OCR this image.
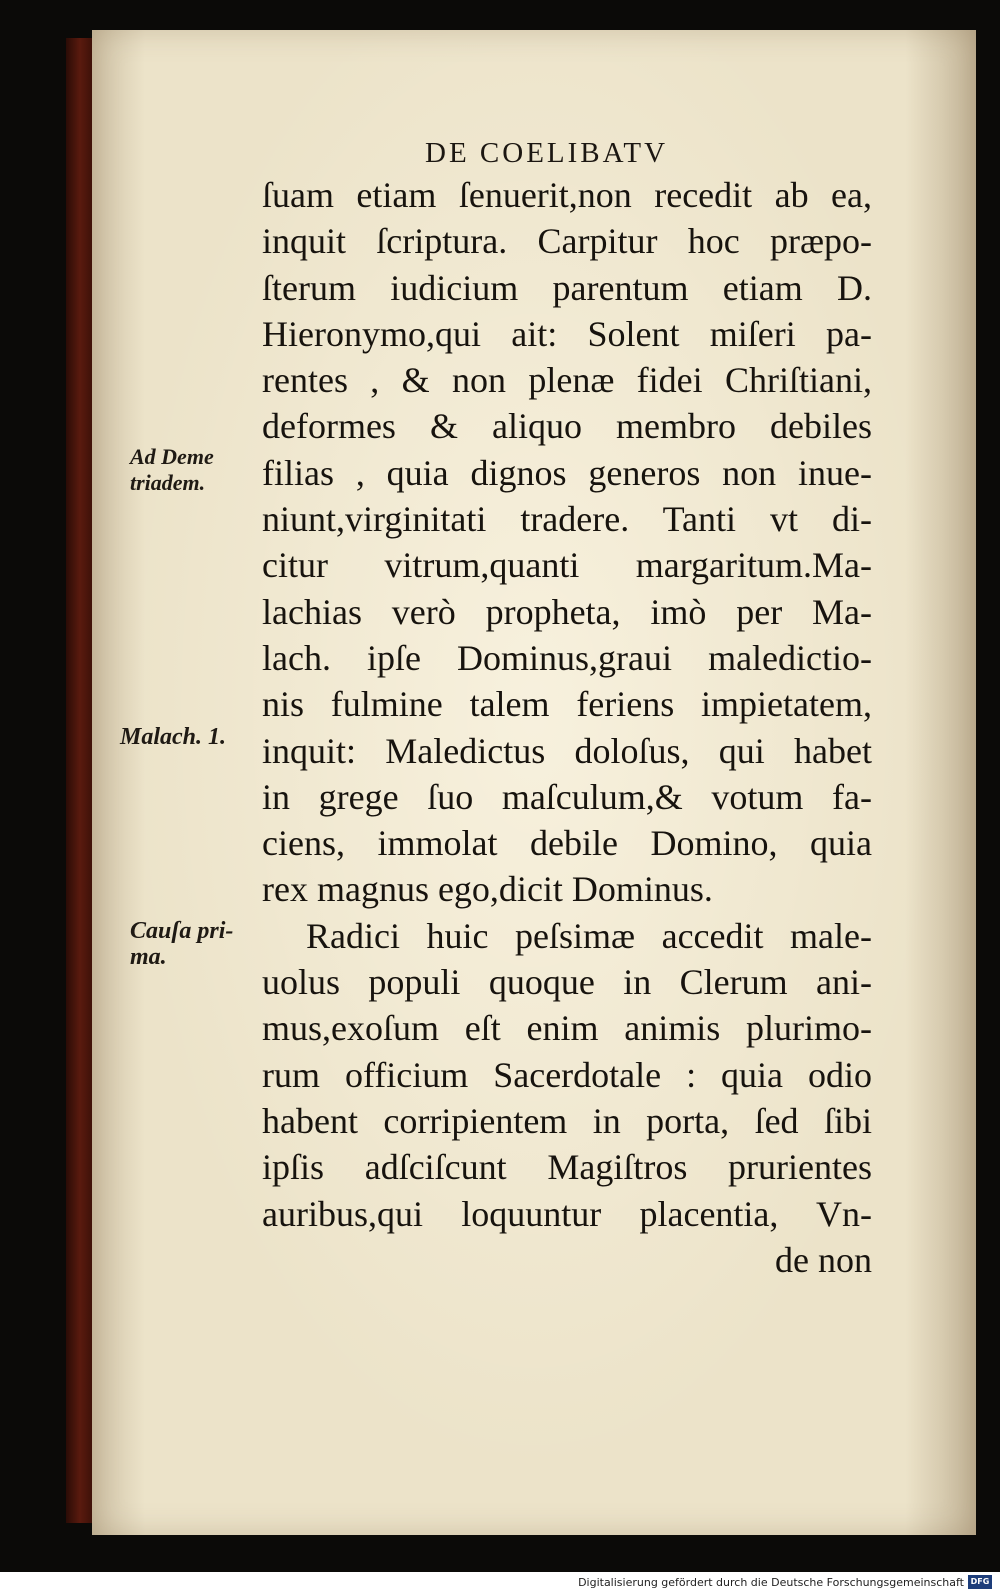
DE COELIBATV
ſuam etiam ſenuerit,non recedit ab ea,
inquit ſcriptura. Carpitur hoc præpo-
ſterum iudicium parentum etiam D.
Hieronymo,qui ait: Solent miſeri pa-
rentes , & non plenæ fidei Chriſtiani,
deformes & aliquo membro debiles
filias , quia dignos generos non inue-
niunt,virginitati tradere. Tanti vt di-
citur vitrum,quanti margaritum.Ma-
lachias verò propheta, imò per Ma-
lach. ipſe Dominus,graui maledictio-
nis fulmine talem feriens impietatem,
inquit: Maledictus doloſus, qui habet
in grege ſuo maſculum,& votum fa-
ciens, immolat debile Domino, quia
rex magnus ego,dicit Dominus.
Radici huic peſsimæ accedit male-
uolus populi quoque in Clerum ani-
mus,exoſum eſt enim animis plurimo-
rum officium Sacerdotale : quia odio
habent corripientem in porta, ſed ſibi
ipſis adſciſcunt Magiſtros prurientes
auribus,qui loquuntur placentia, Vn-
de non
Ad Deme
triadem.
Malach. 1.
Cauſa pri-
ma.
Digitalisierung gefördert durch die Deutsche Forschungsgemeinschaft DFG
